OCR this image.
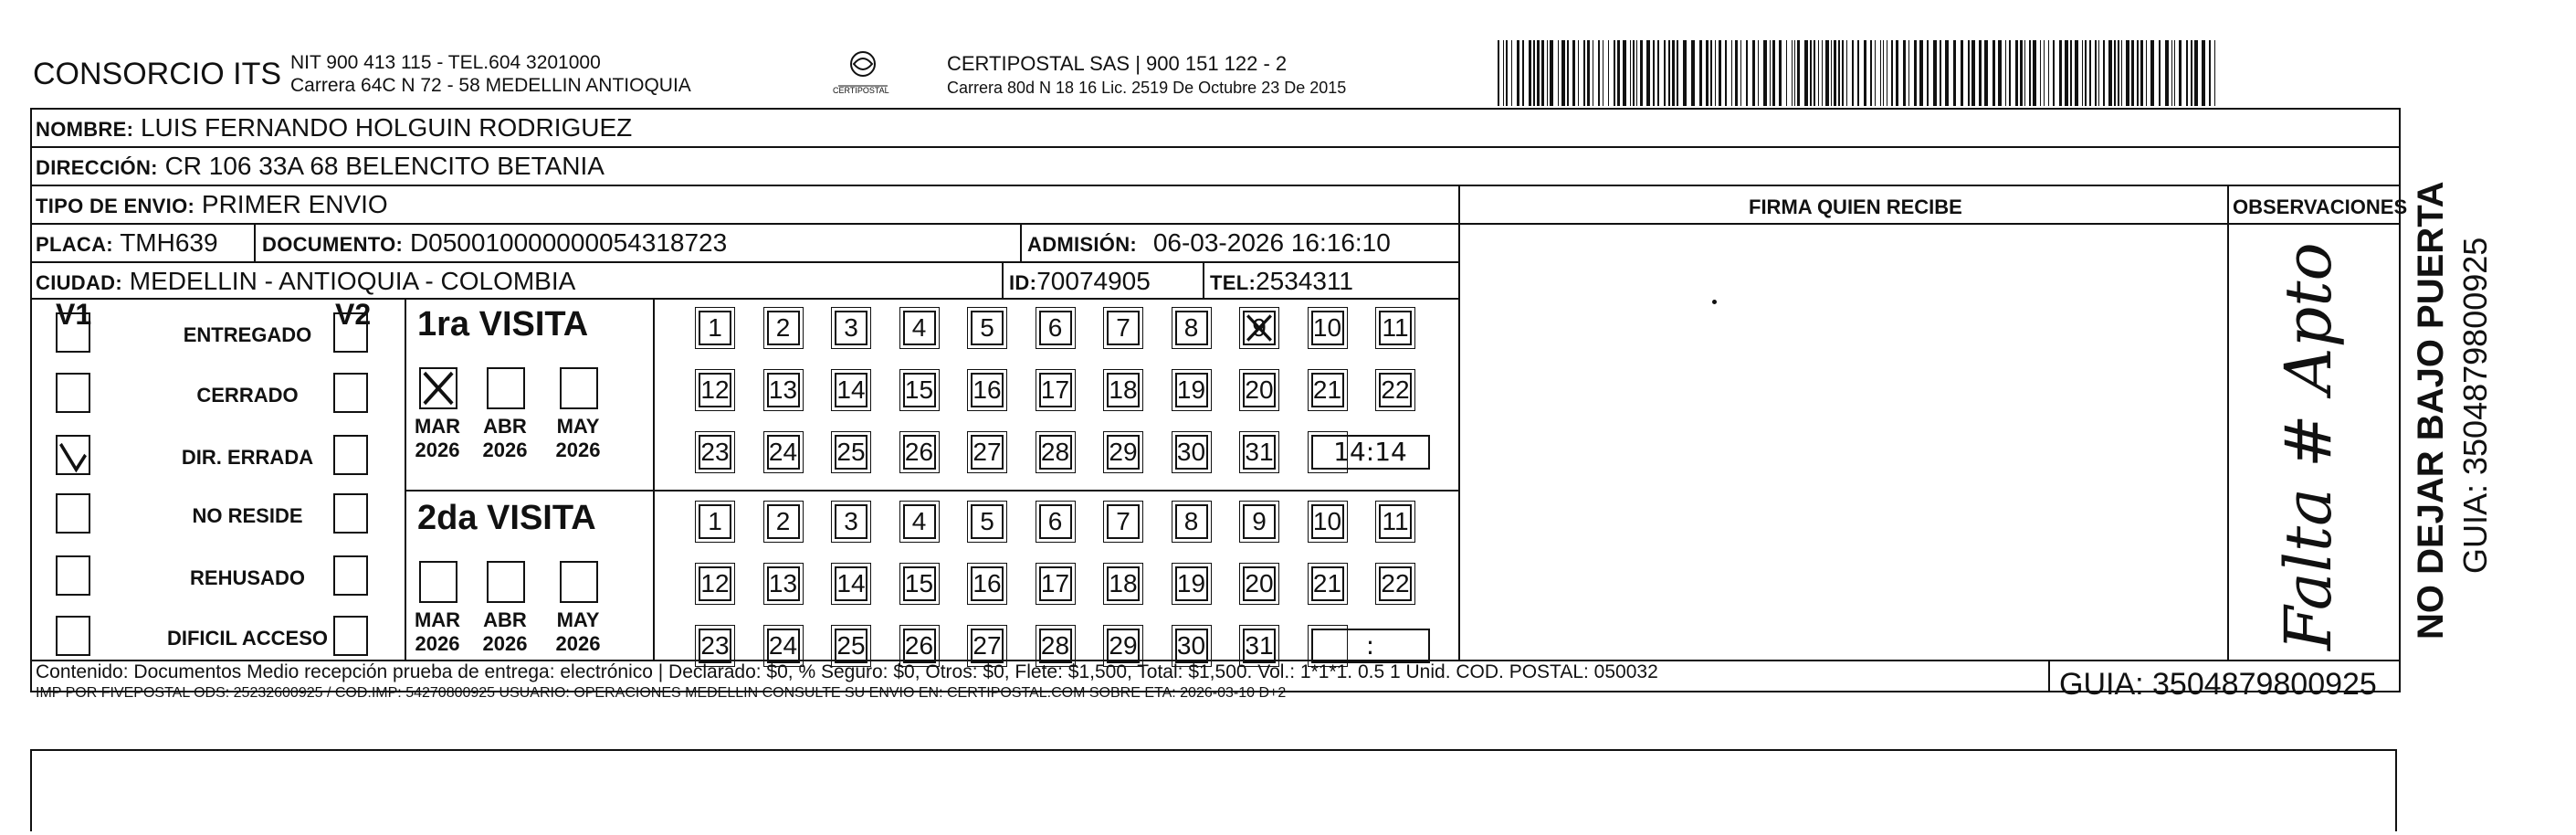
CONSORCIO ITS NIT 900 413 115 - TEL.604 3201000
Carrera 64C N 72 - 58 MEDELLIN ANTIOQUIA	CERTIPOSTAL
CERTIPOSTAL SAS | 900 151 122 - 2
Carrera 80d N 18 16 Lic. 2519 De Octubre 23 De 2015
NOMBRE: LUIS FERNANDO HOLGUIN RODRIGUEZ
DIRECCIÓN: CR 106 33A 68 BELENCITO BETANIA
TIPO DE ENVIO: PRIMER ENVIO	FIRMA QUIEN RECIBE	OBSERVACIONES
PLACA: TMH639 DOCUMENTO: D050010000000054318723	ADMISIÓN: 06-03-2026 16:16:10
CIUDAD: MEDELLIN - ANTIOQUIA - COLOMBIA	ID:70074905	TEL:2534311
V1	V2
ENTREGADO
CERRADO
DIR. ERRADA
NO RESIDE
REHUSADO
DIFICIL ACCESO
1ra VISITA
MAR
2026
ABR
2026
MAY
2026
1	2	3	4	5	6	7	8	9	10 11
12 13 14 15 16 17 18 19 20 21 22
23 24 25 26 27 28 29 30 31	14:14
2da VISITA
MAR
2026
ABR
2026
MAY
2026
1	2	3	4	5	6	7	8	9	10 11
12 13 14 15 16 17 18 19 20 21 22
23 24 25 26 27 28 29 30 31	:	Falta # Apto
Contenido: Documentos Medio recepción prueba de entrega: electrónico | Declarado: $0, % Seguro: $0, Otros: $0, Flete: $1,500, Total: $1,500. Vol.: 1*1*1. 0.5 1 Unid. COD. POSTAL: 050032
IMP POR FIVEPOSTAL ODS: 25232600925 / COD.IMP: 54270800925 USUARIO: OPERACIONES MEDELLIN CONSULTE SU ENVIO EN: CERTIPOSTAL.COM SOBRE ETA: 2026-03-10 D+2	GUIA: 3504879800925
NO DEJAR BAJO PUERTA GUIA: 3504879800925
